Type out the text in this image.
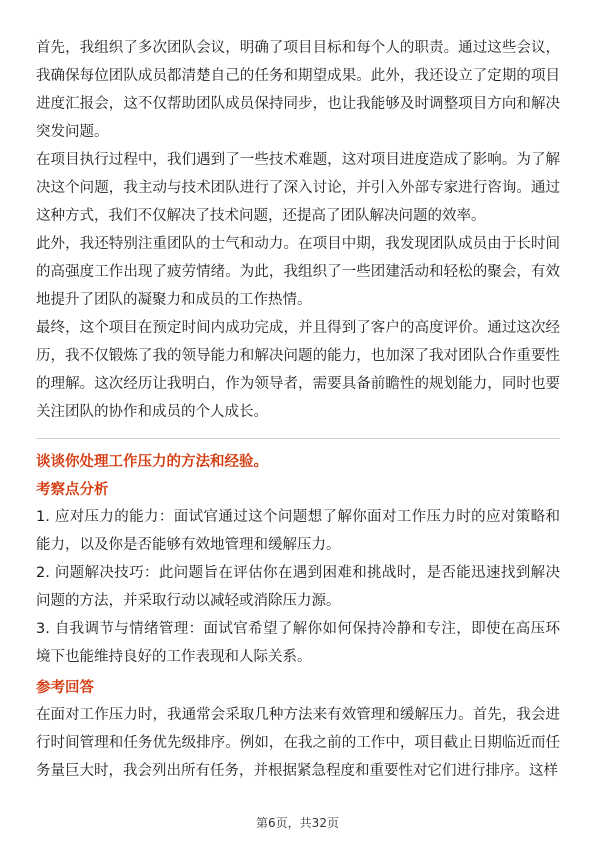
首先，我组织了多次团队会议，明确了项目目标和每个人的职责。通过这些会议，我确保每位团队成员都清楚自己的任务和期望成果。此外，我还设立了定期的项目进度汇报会，这不仅帮助团队成员保持同步，也让我能够及时调整项目方向和解决突发问题。

在项目执行过程中，我们遇到了一些技术难题，这对项目进度造成了影响。为了解决这个问题，我主动与技术团队进行了深入讨论，并引入外部专家进行咨询。通过这种方式，我们不仅解决了技术问题，还提高了团队解决问题的效率。

此外，我还特别注重团队的士气和动力。在项目中期，我发现团队成员由于长时间的高强度工作出现了疲劳情绪。为此，我组织了一些团建活动和轻松的聚会，有效地提升了团队的凝聚力和成员的工作热情。

最终，这个项目在预定时间内成功完成，并且得到了客户的高度评价。通过这次经历，我不仅锻炼了我的领导能力和解决问题的能力，也加深了我对团队合作重要性的理解。这次经历让我明白，作为领导者，需要具备前瞻性的规划能力，同时也要关注团队的协作和成员的个人成长。

谈谈你处理工作压力的方法和经验。

考察点分析

1. 应对压力的能力：面试官通过这个问题想了解你面对工作压力时的应对策略和能力，以及你是否能够有效地管理和缓解压力。

2. 问题解决技巧：此问题旨在评估你在遇到困难和挑战时，是否能迅速找到解决问题的方法，并采取行动以减轻或消除压力源。

3. 自我调节与情绪管理：面试官希望了解你如何保持冷静和专注，即使在高压环境下也能维持良好的工作表现和人际关系。

参考回答

在面对工作压力时，我通常会采取几种方法来有效管理和缓解压力。首先，我会进行时间管理和任务优先级排序。例如，在我之前的工作中，项目截止日期临近而任务量巨大时，我会列出所有任务，并根据紧急程度和重要性对它们进行排序。这样

第6页，共32页
